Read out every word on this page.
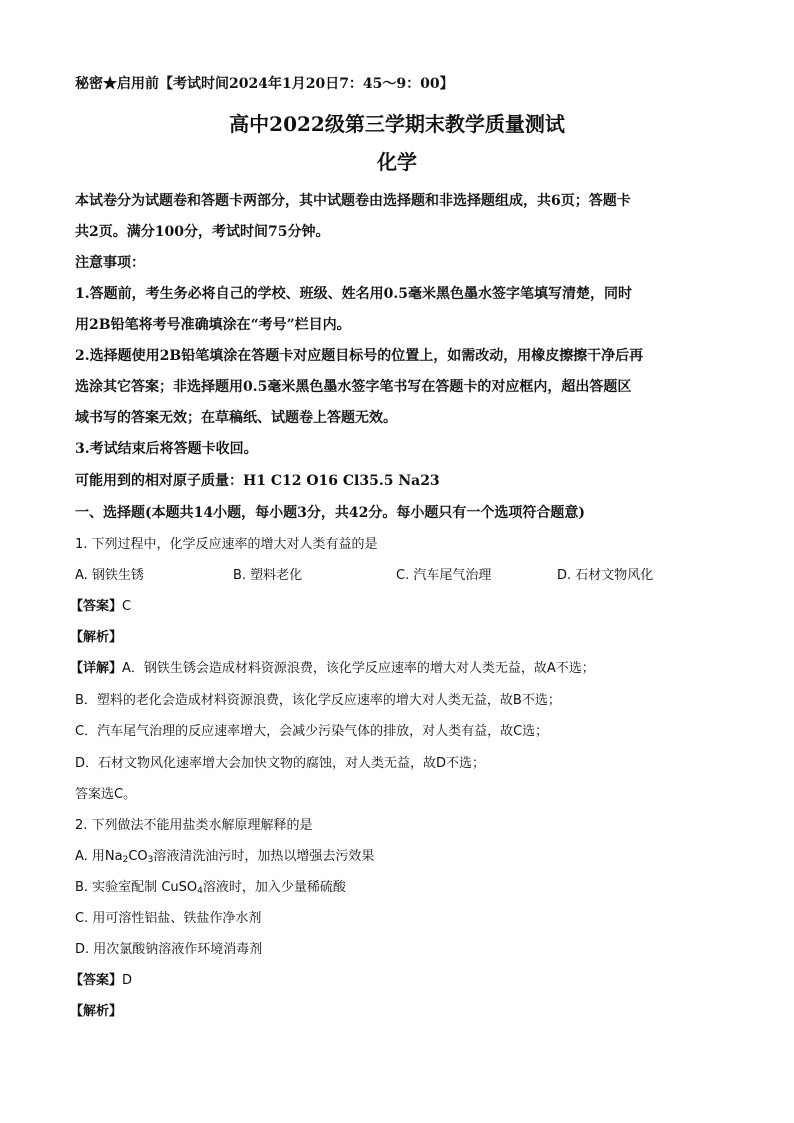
秘密★启用前【考试时间2024年1月20日7：45～9：00】
高中2022级第三学期末教学质量测试
化学
本试卷分为试题卷和答题卡两部分，其中试题卷由选择题和非选择题组成，共6页；答题卡
共2页。满分100分，考试时间75分钟。
注意事项：
1.答题前，考生务必将自己的学校、班级、姓名用0.5毫米黑色墨水签字笔填写清楚，同时
用2B铅笔将考号准确填涂在“考号”栏目内。
2.选择题使用2B铅笔填涂在答题卡对应题目标号的位置上，如需改动，用橡皮擦擦干净后再
选涂其它答案；非选择题用0.5毫米黑色墨水签字笔书写在答题卡的对应框内，超出答题区
域书写的答案无效；在草稿纸、试题卷上答题无效。
3.考试结束后将答题卡收回。
可能用到的相对原子质量：H1 C12 O16 Cl35.5 Na23
一、选择题(本题共14小题，每小题3分，共42分。每小题只有一个选项符合题意)
1. 下列过程中，化学反应速率的增大对人类有益的是
A. 钢铁生锈	B. 塑料老化	C. 汽车尾气治理	D. 石材文物风化
【答案】C
【解析】
【详解】A．钢铁生锈会造成材料资源浪费，该化学反应速率的增大对人类无益，故A不选；
B．塑料的老化会造成材料资源浪费，该化学反应速率的增大对人类无益，故B不选；
C．汽车尾气治理的反应速率增大，会减少污染气体的排放，对人类有益，故C选；
D．石材文物风化速率增大会加快文物的腐蚀，对人类无益，故D不选；
答案选C。
2. 下列做法不能用盐类水解原理解释的是
A. 用$Na_2CO_3$溶液清洗油污时，加热以增强去污效果
B. 实验室配制 CuSO$_4$溶液时，加入少量稀硫酸
C. 用可溶性铝盐、铁盐作净水剂
D. 用次氯酸钠溶液作环境消毒剂
【答案】D
【解析】
